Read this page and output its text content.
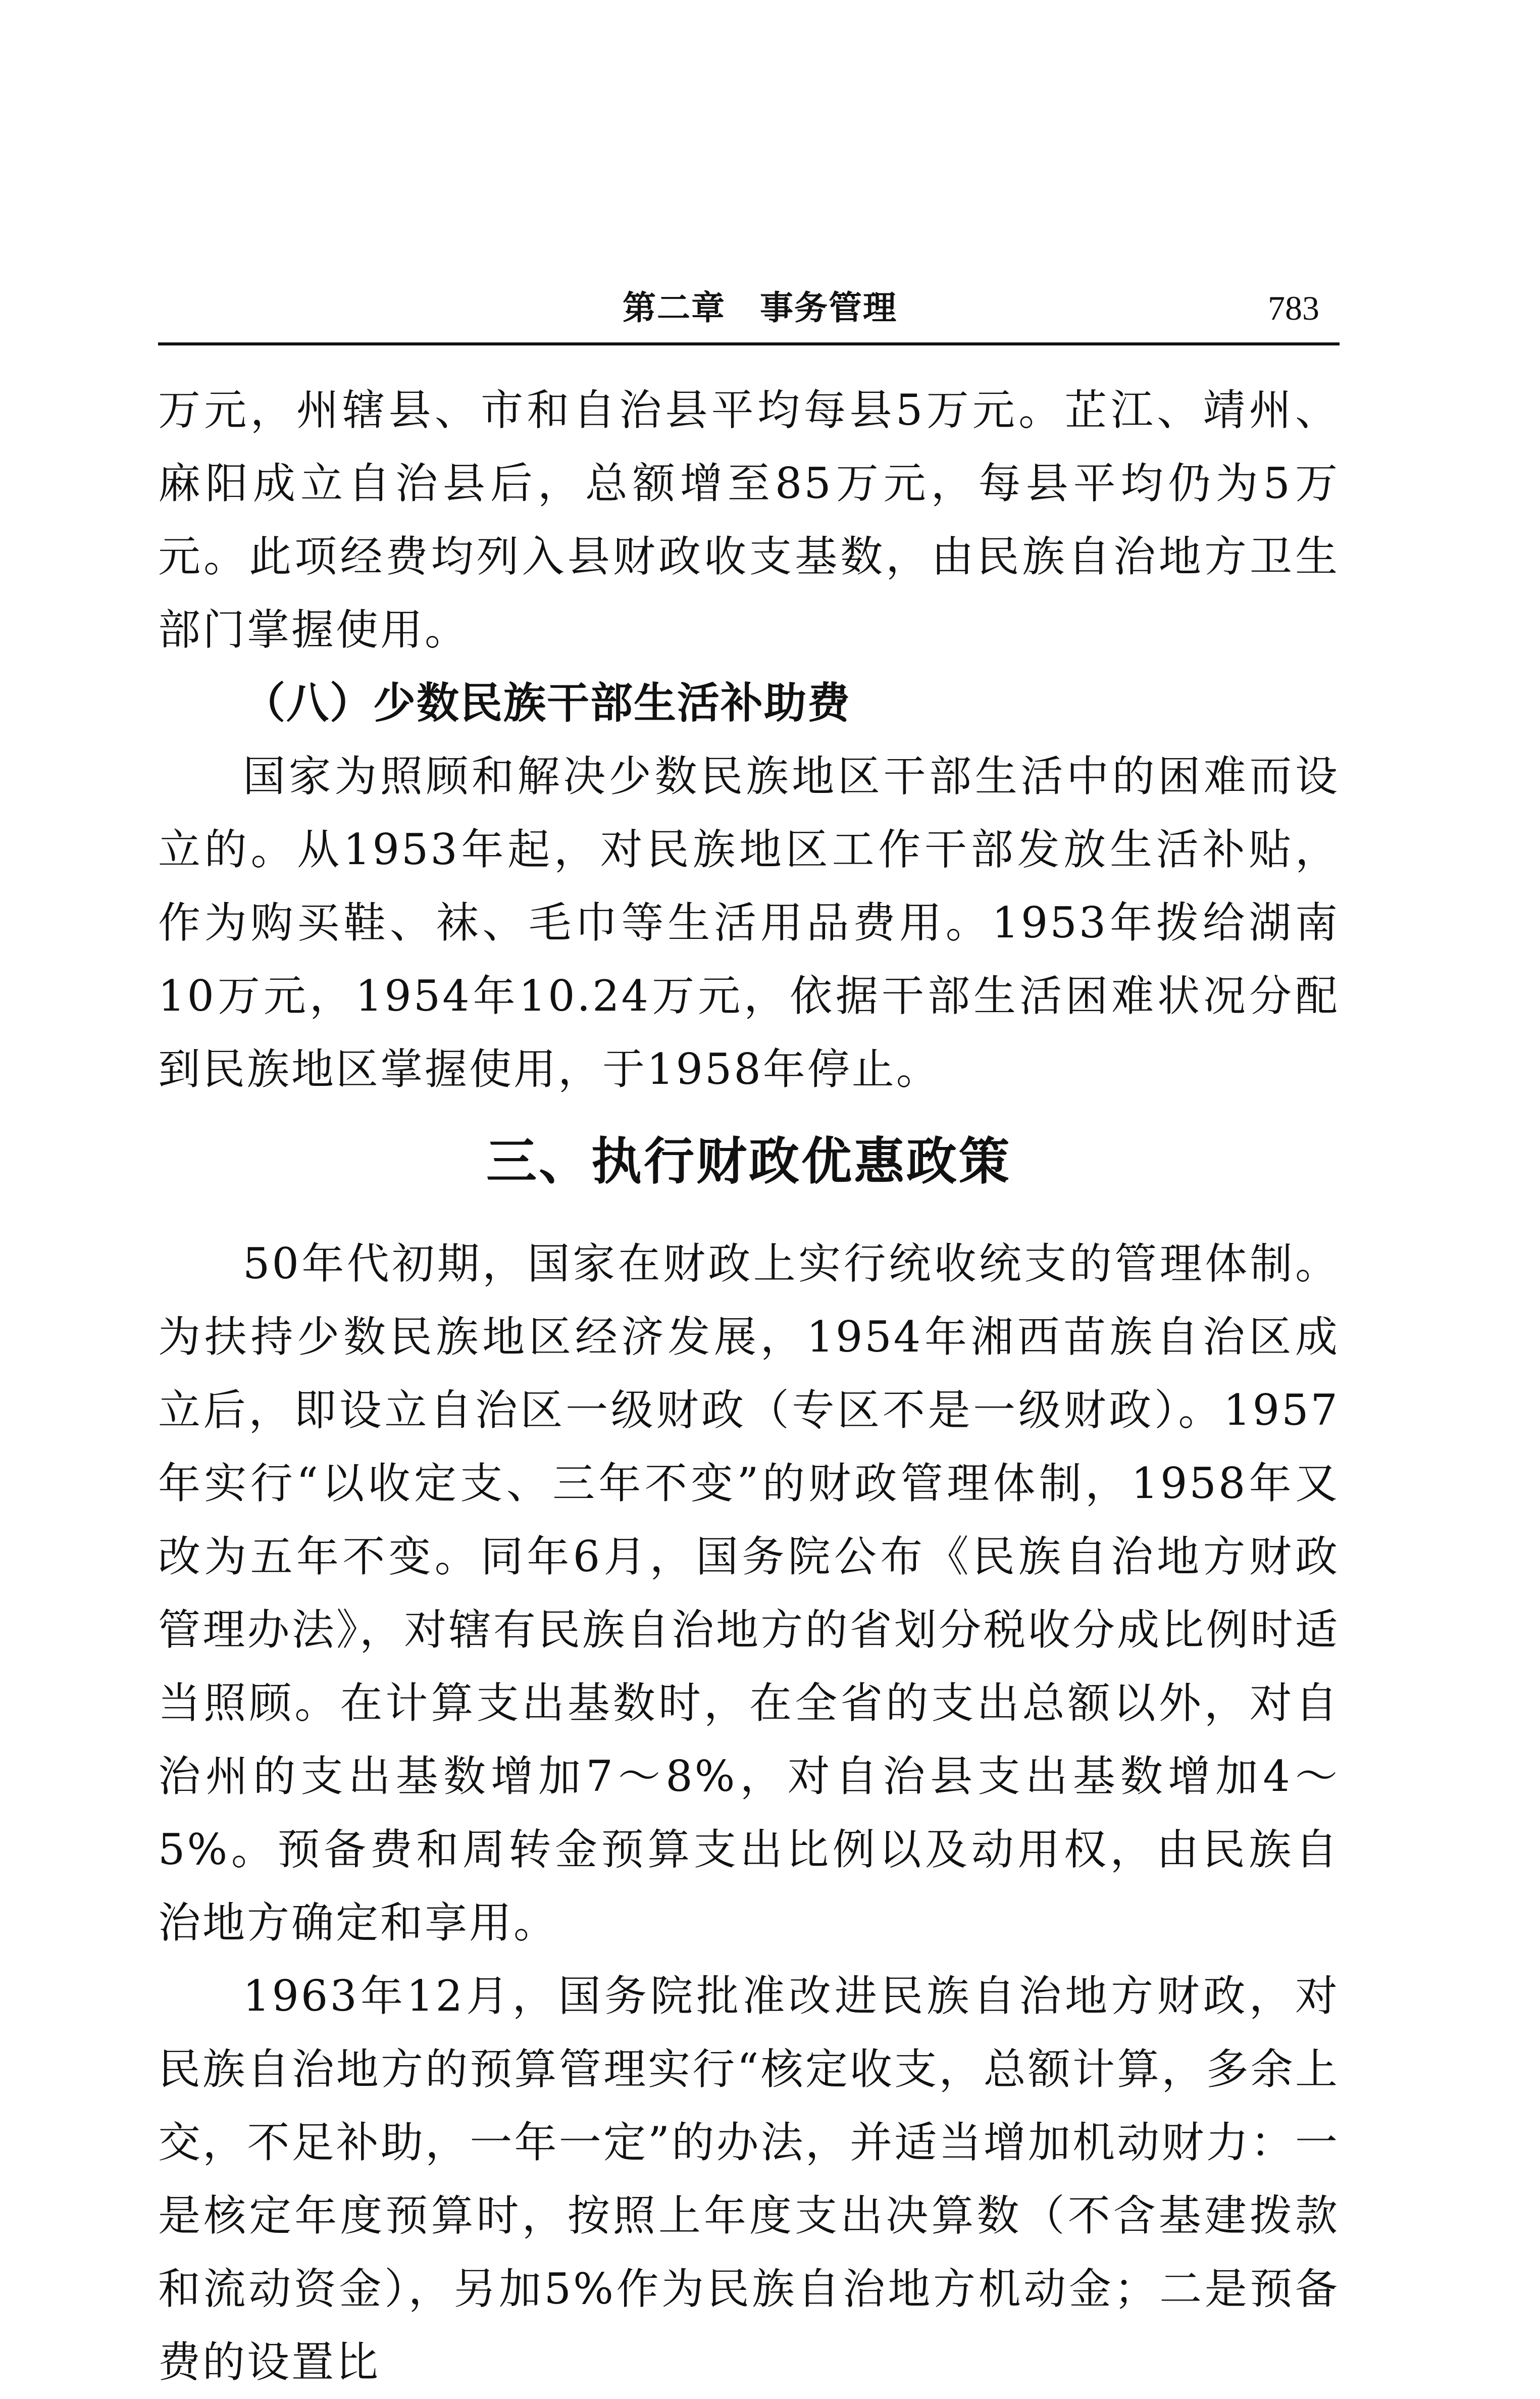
第二章　事务管理	783

万元，州辖县、市和自治县平均每县5万元。芷江、靖州、麻阳成立自治县后，总额增至85万元，每县平均仍为5万元。此项经费均列入县财政收支基数，由民族自治地方卫生部门掌握使用。

（八）少数民族干部生活补助费

国家为照顾和解决少数民族地区干部生活中的困难而设立的。从1953年起，对民族地区工作干部发放生活补贴，作为购买鞋、袜、毛巾等生活用品费用。1953年拨给湖南10万元，1954年10.24万元，依据干部生活困难状况分配到民族地区掌握使用，于1958年停止。

三、执行财政优惠政策

50年代初期，国家在财政上实行统收统支的管理体制。为扶持少数民族地区经济发展，1954年湘西苗族自治区成立后，即设立自治区一级财政（专区不是一级财政）。1957年实行“以收定支、三年不变”的财政管理体制，1958年又改为五年不变。同年6月，国务院公布《民族自治地方财政管理办法》，对辖有民族自治地方的省划分税收分成比例时适当照顾。在计算支出基数时，在全省的支出总额以外，对自治州的支出基数增加7～8%，对自治县支出基数增加4～5%。预备费和周转金预算支出比例以及动用权，由民族自治地方确定和享用。

1963年12月，国务院批准改进民族自治地方财政，对民族自治地方的预算管理实行“核定收支，总额计算，多余上交，不足补助，一年一定”的办法，并适当增加机动财力：一是核定年度预算时，按照上年度支出决算数（不含基建拨款和流动资金），另加5%作为民族自治地方机动金；二是预备费的设置比
